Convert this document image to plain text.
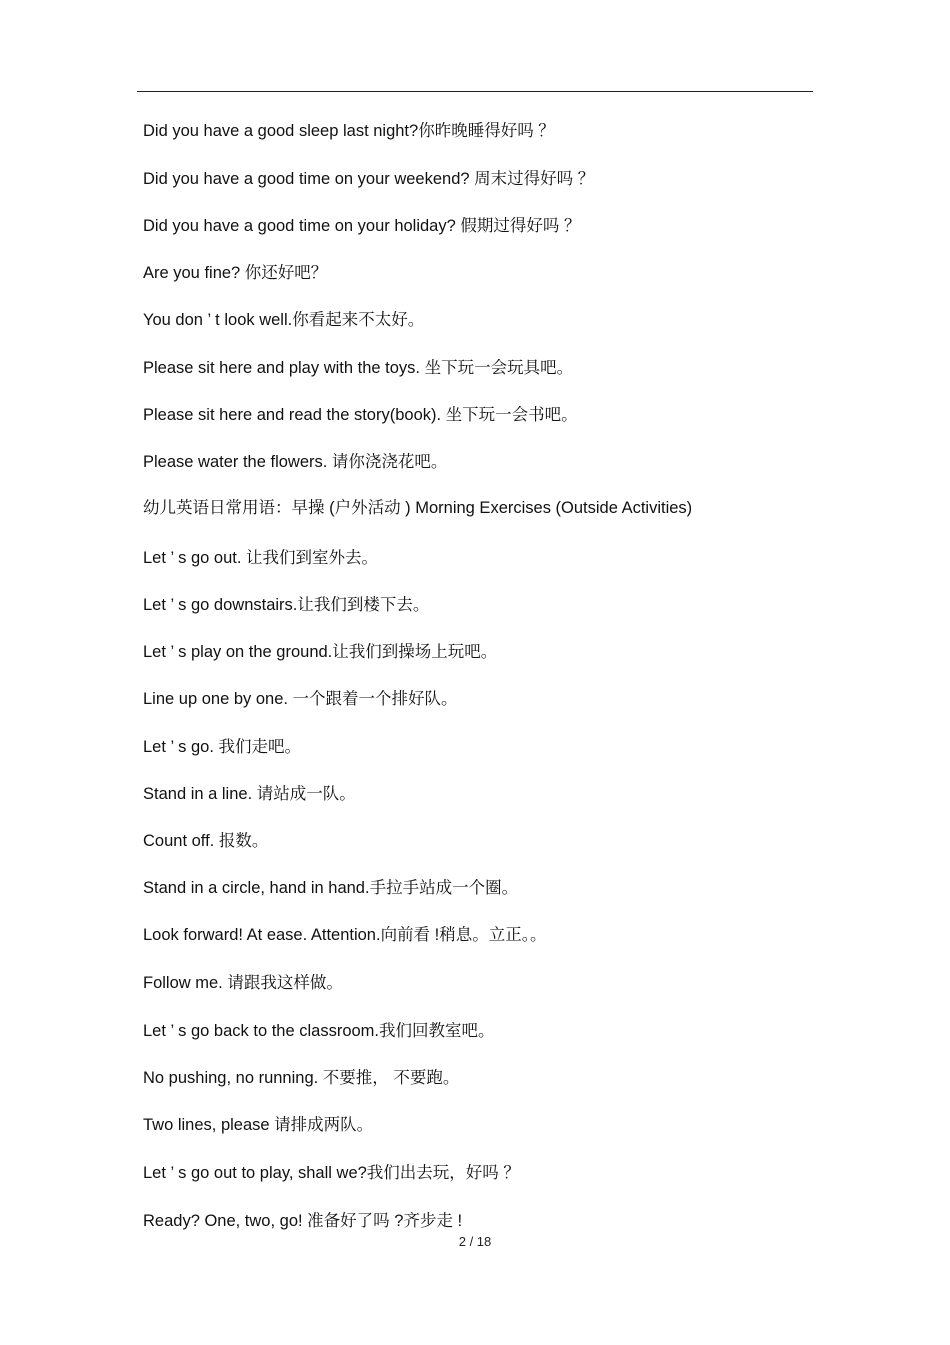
Did you have a good sleep last night?你昨晚睡得好吗 ？
Did you have a good time on your weekend? 周末过得好吗 ？
Did you have a good time on your holiday? 假期过得好吗 ？
Are you fine? 你还好吧？
You don ’ t look well.你看起来不太好。
Please sit here and play with the toys. 坐下玩一会玩具吧。
Please sit here and read the story(book). 坐下玩一会书吧。
Please water the flowers. 请你浇浇花吧。
幼儿英语日常用语：早操 (户外活动 ) Morning Exercises (Outside Activities)
Let ’ s go out. 让我们到室外去。
Let ’ s go downstairs.让我们到楼下去。
Let ’ s play on the ground.让我们到操场上玩吧。
Line up one by one. 一个跟着一个排好队。
Let ’ s go. 我们走吧。
Stand in a line. 请站成一队。
Count off. 报数。
Stand in a circle, hand in hand.手拉手站成一个圈。
Look forward! At ease. Attention.向前看 !稍息。立正。。
Follow me. 请跟我这样做。
Let ’ s go back to the classroom.我们回教室吧。
No pushing, no running. 不要推， 不要跑。
Two lines, please 请排成两队。
Let ’ s go out to play, shall we?我们出去玩，好吗 ？
Ready? One, two, go! 准备好了吗 ?齐步走 !
2 / 18
